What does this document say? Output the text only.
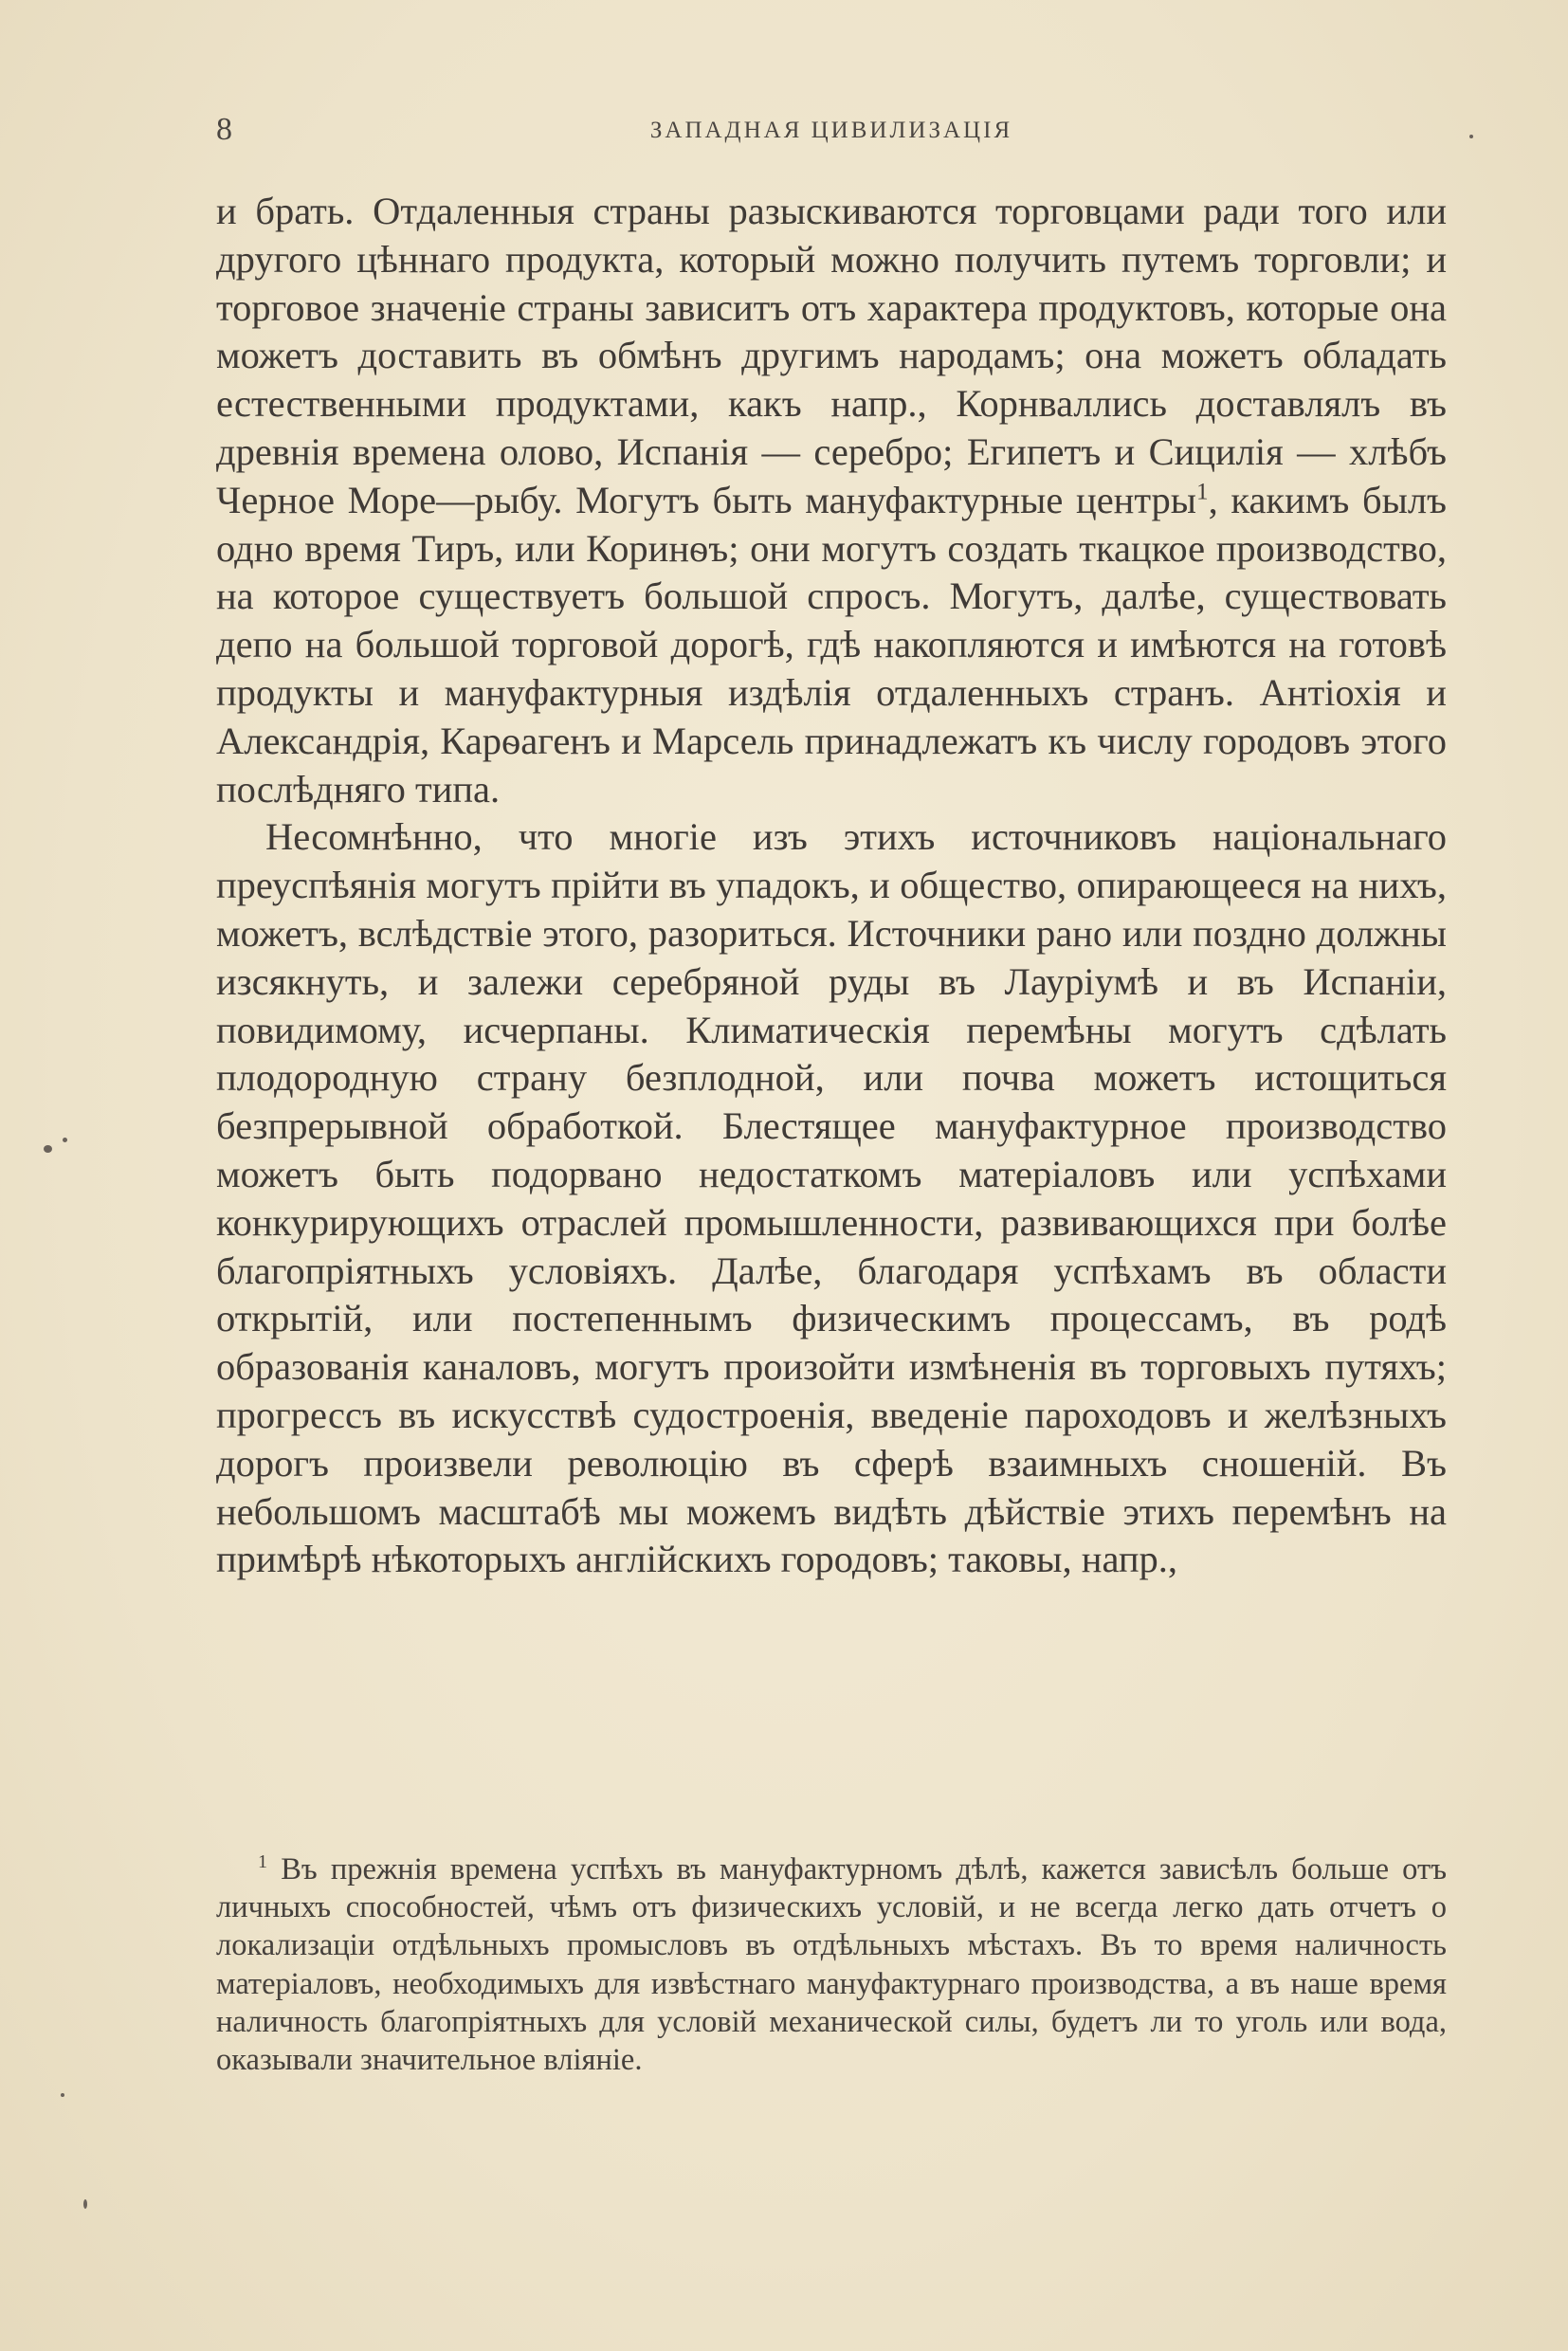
8	ЗАПАДНАЯ ЦИВИЛИЗАЦІЯ

и брать. Отдаленныя страны разыскиваются торговцами ради того или другого цѣннаго продукта, который можно получить путемъ торговли; и торговое значеніе страны зависитъ отъ характера продуктовъ, которые она можетъ доставить въ обмѣнъ другимъ народамъ; она можетъ обладать естественными продуктами, какъ напр., Корнваллись доставлялъ въ древнія времена олово, Испанія — серебро; Египетъ и Сицилія — хлѣбъ Черное Море—рыбу. Могутъ быть мануфактурные центры$^1$, какимъ былъ одно время Тиръ, или Коринѳъ; они могутъ создать ткацкое производство, на которое существуетъ большой спросъ. Могутъ, далѣе, существовать депо на большой торговой дорогѣ, гдѣ накопляются и имѣются на готовѣ продукты и мануфактурныя издѣлія отдаленныхъ странъ. Антіохія и Александрія, Карѳагенъ и Марсель принадлежатъ къ числу городовъ этого послѣдняго типа.

Несомнѣнно, что многіе изъ этихъ источниковъ національнаго преуспѣянія могутъ прійти въ упадокъ, и общество, опирающееся на нихъ, можетъ, вслѣдствіе этого, разориться. Источники рано или поздно должны изсякнуть, и залежи серебряной руды въ Лауріумѣ и въ Испаніи, повидимому, исчерпаны. Климатическія перемѣны могутъ сдѣлать плодородную страну безплодной, или почва можетъ истощиться безпрерывной обработкой. Блестящее мануфактурное производство можетъ быть подорвано недостаткомъ матеріаловъ или успѣхами конкурирующихъ отраслей промышленности, развивающихся при болѣе благопріятныхъ условіяхъ. Далѣе, благодаря успѣхамъ въ области открытій, или постепеннымъ физическимъ процессамъ, въ родѣ образованія каналовъ, могутъ произойти измѣненія въ торговыхъ путяхъ; прогрессъ въ искусствѣ судостроенія, введеніе пароходовъ и желѣзныхъ дорогъ произвели революцію въ сферѣ взаимныхъ сношеній. Въ небольшомъ масштабѣ мы можемъ видѣть дѣйствіе этихъ перемѣнъ на примѣрѣ нѣкоторыхъ англійскихъ городовъ; таковы, напр.,

$^1$ Въ прежнія времена успѣхъ въ мануфактурномъ дѣлѣ, кажется зависѣлъ больше отъ личныхъ способностей, чѣмъ отъ физическихъ условій, и не всегда легко дать отчетъ о локализаціи отдѣльныхъ промысловъ въ отдѣльныхъ мѣстахъ. Въ то время наличность матеріаловъ, необходимыхъ для извѣстнаго мануфактурнаго производства, а въ наше время наличность благопріятныхъ для условій механической силы, будетъ ли то уголь или вода, оказывали значительное вліяніе.
